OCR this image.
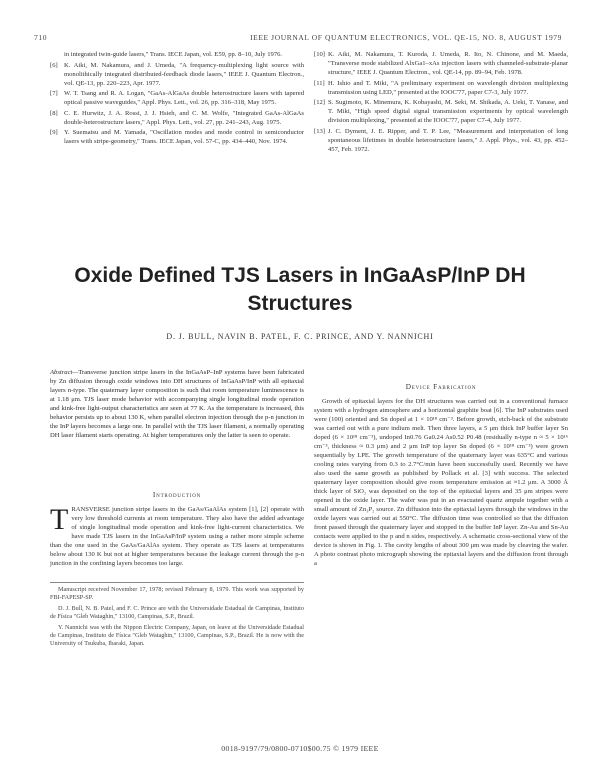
710	IEEE JOURNAL OF QUANTUM ELECTRONICS, VOL. QE-15, NO. 8, AUGUST 1979
in integrated twin-guide lasers," Trans. IECE Japan, vol. E59, pp. 8–10, July 1976.
[6] K. Aiki, M. Nakamura, and J. Umeda, "A frequency-multiplexing light source with monolithically integrated distributed-feedback diode lasers," IEEE J. Quantum Electron., vol. QE-13, pp. 220–223, Apr. 1977.
[7] W. T. Tsang and R. A. Logan, "GaAs-AlGaAs double heterostructure lasers with tapered optical passive waveguides," Appl. Phys. Lett., vol. 26, pp. 316–318, May 1975.
[8] C. E. Hurwitz, J. A. Rossi, J. J. Hsieh, and C. M. Wolfe, "Integrated GaAs-AlGaAs double-heterostructure lasers," Appl. Phys. Lett., vol. 27, pp. 241–243, Aug. 1975.
[9] Y. Suematsu and M. Yamada, "Oscillation modes and mode control in semiconductor lasers with stripe-geometry," Trans. IECE Japan, vol. 57-C, pp. 434–440, Nov. 1974.
[10] K. Aiki, M. Nakamura, T. Kuroda, J. Umeda, R. Ito, N. Chinone, and M. Maeda, "Transverse mode stabilized AlxGa1–xAs injection lasers with channeled-substrate-planar structure," IEEE J. Quantum Electron., vol. QE-14, pp. 89–94, Feb. 1978.
[11] H. Ishio and T. Miki, "A preliminary experiment on wavelength division multiplexing transmission using LED," presented at the IOOC'77, paper C7-3, July 1977.
[12] S. Sugimoto, K. Minemura, K. Kobayashi, M. Seki, M. Shikada, A. Ueki, T. Yanase, and T. Miki, "High speed digital signal transmission experiments by optical wavelength division multiplexing," presented at the IOOC'77, paper C7-4, July 1977.
[13] J. C. Dyment, J. E. Ripper, and T. P. Lee, "Measurement and interpretation of long spontaneous lifetimes in double heterostructure lasers," J. Appl. Phys., vol. 43, pp. 452–457, Feb. 1972.
Oxide Defined TJS Lasers in InGaAsP/InP DH Structures
D. J. BULL, NAVIN B. PATEL, F. C. PRINCE, AND Y. NANNICHI
Abstract—Transverse junction stripe lasers in the InGaAsP–InP systems have been fabricated by Zn diffusion through oxide windows into DH structures of InGaAsP/InP with all epitaxial layers n-type. The quaternary layer composition is such that room temperature luminescence is at 1.18 μm. TJS laser mode behavior with accompanying single longitudinal mode operation and kink-free light-output characteristics are seen at 77 K. As the temperature is increased, this behavior persists up to about 130 K, when parallel electron injection through the p-n junction in the InP layers becomes a large one. In parallel with the TJS laser filament, a normally operating DH laser filament starts operating. At higher temperatures only the latter is seen to operate.
Introduction
T RANSVERSE junction stripe lasers in the GaAs/GaAlAs system [1], [2] operate with very low threshold currents at room temperature. They also have the added advantage of single longitudinal mode operation and kink-free light-current characteristics. We have made TJS lasers in the InGaAsP/InP system using a rather more simple scheme than the one used in the GaAs/GaAlAs system. They operate as TJS lasers at temperatures below about 130 K but not at higher temperatures because the leakage current through the p-n junction in the confining layers becomes too large.

Manuscript received November 17, 1978; revised February 8, 1979. This work was supported by FBI-FAPESP-SP.

D. J. Bull, N. B. Patel, and F. C. Prince are with the Universidade Estadual de Campinas, Instituto de Física "Gleb Wataghin," 13100, Campinas, S.P., Brazil.

Y. Nannichi was with the Nippon Electric Company, Japan, on leave at the Universidade Estadual de Campinas, Instituto de Física "Gleb Wataghin," 13100, Campinas, S.P., Brazil. He is now with the University of Tsukuba, Ibaraki, Japan.

Device Fabrication

Growth of epitaxial layers for the DH structures was carried out in a conventional furnace system with a hydrogen atmosphere and a horizontal graphite boat [6]. The InP substrates used were (100) oriented and Sn doped at 1 × 10¹⁸ cm⁻³. Before growth, etch-back of the substrate was carried out with a pure indium melt. Then three layers, a 5 μm thick InP buffer layer Sn doped (6 × 10¹⁸ cm⁻³), undoped In0.76 Ga0.24 As0.52 P0.48 (residually n-type n ≈ 5 × 10¹⁶ cm⁻³, thickness ≈ 0.3 μm) and 2 μm InP top layer Sn doped (6 × 10¹⁸ cm⁻³) were grown sequentially by LPE. The growth temperature of the quaternary layer was 635°C and various cooling rates varying from 0.3 to 2.7°C/min have been successfully used. Recently we have also used the same growth as published by Pollack et al. [3] with success. The selected quaternary layer composition should give room temperature emission at ≈1.2 μm. A 3000 Å thick layer of SiO₂ was deposited on the top of the epitaxial layers and 35 μm stripes were opened in the oxide layer. The wafer was put in an evacuated quartz ampule together with a small amount of Zn₃P₂ source. Zn diffusion into the epitaxial layers through the windows in the oxide layers was carried out at 550°C. The diffusion time was controlled so that the diffusion front passed through the quaternary layer and stopped in the buffer InP layer. Zn-Au and Sn-Au contacts were applied to the p and n sides, respectively. A schematic cross-sectional view of the device is shown in Fig. 1. The cavity lengths of about 300 μm was made by cleaving the wafer. A photo contrast photo micrograph showing the epitaxial layers and the diffusion front through a

0018-9197/79/0800-0710$00.75 © 1979 IEEE
